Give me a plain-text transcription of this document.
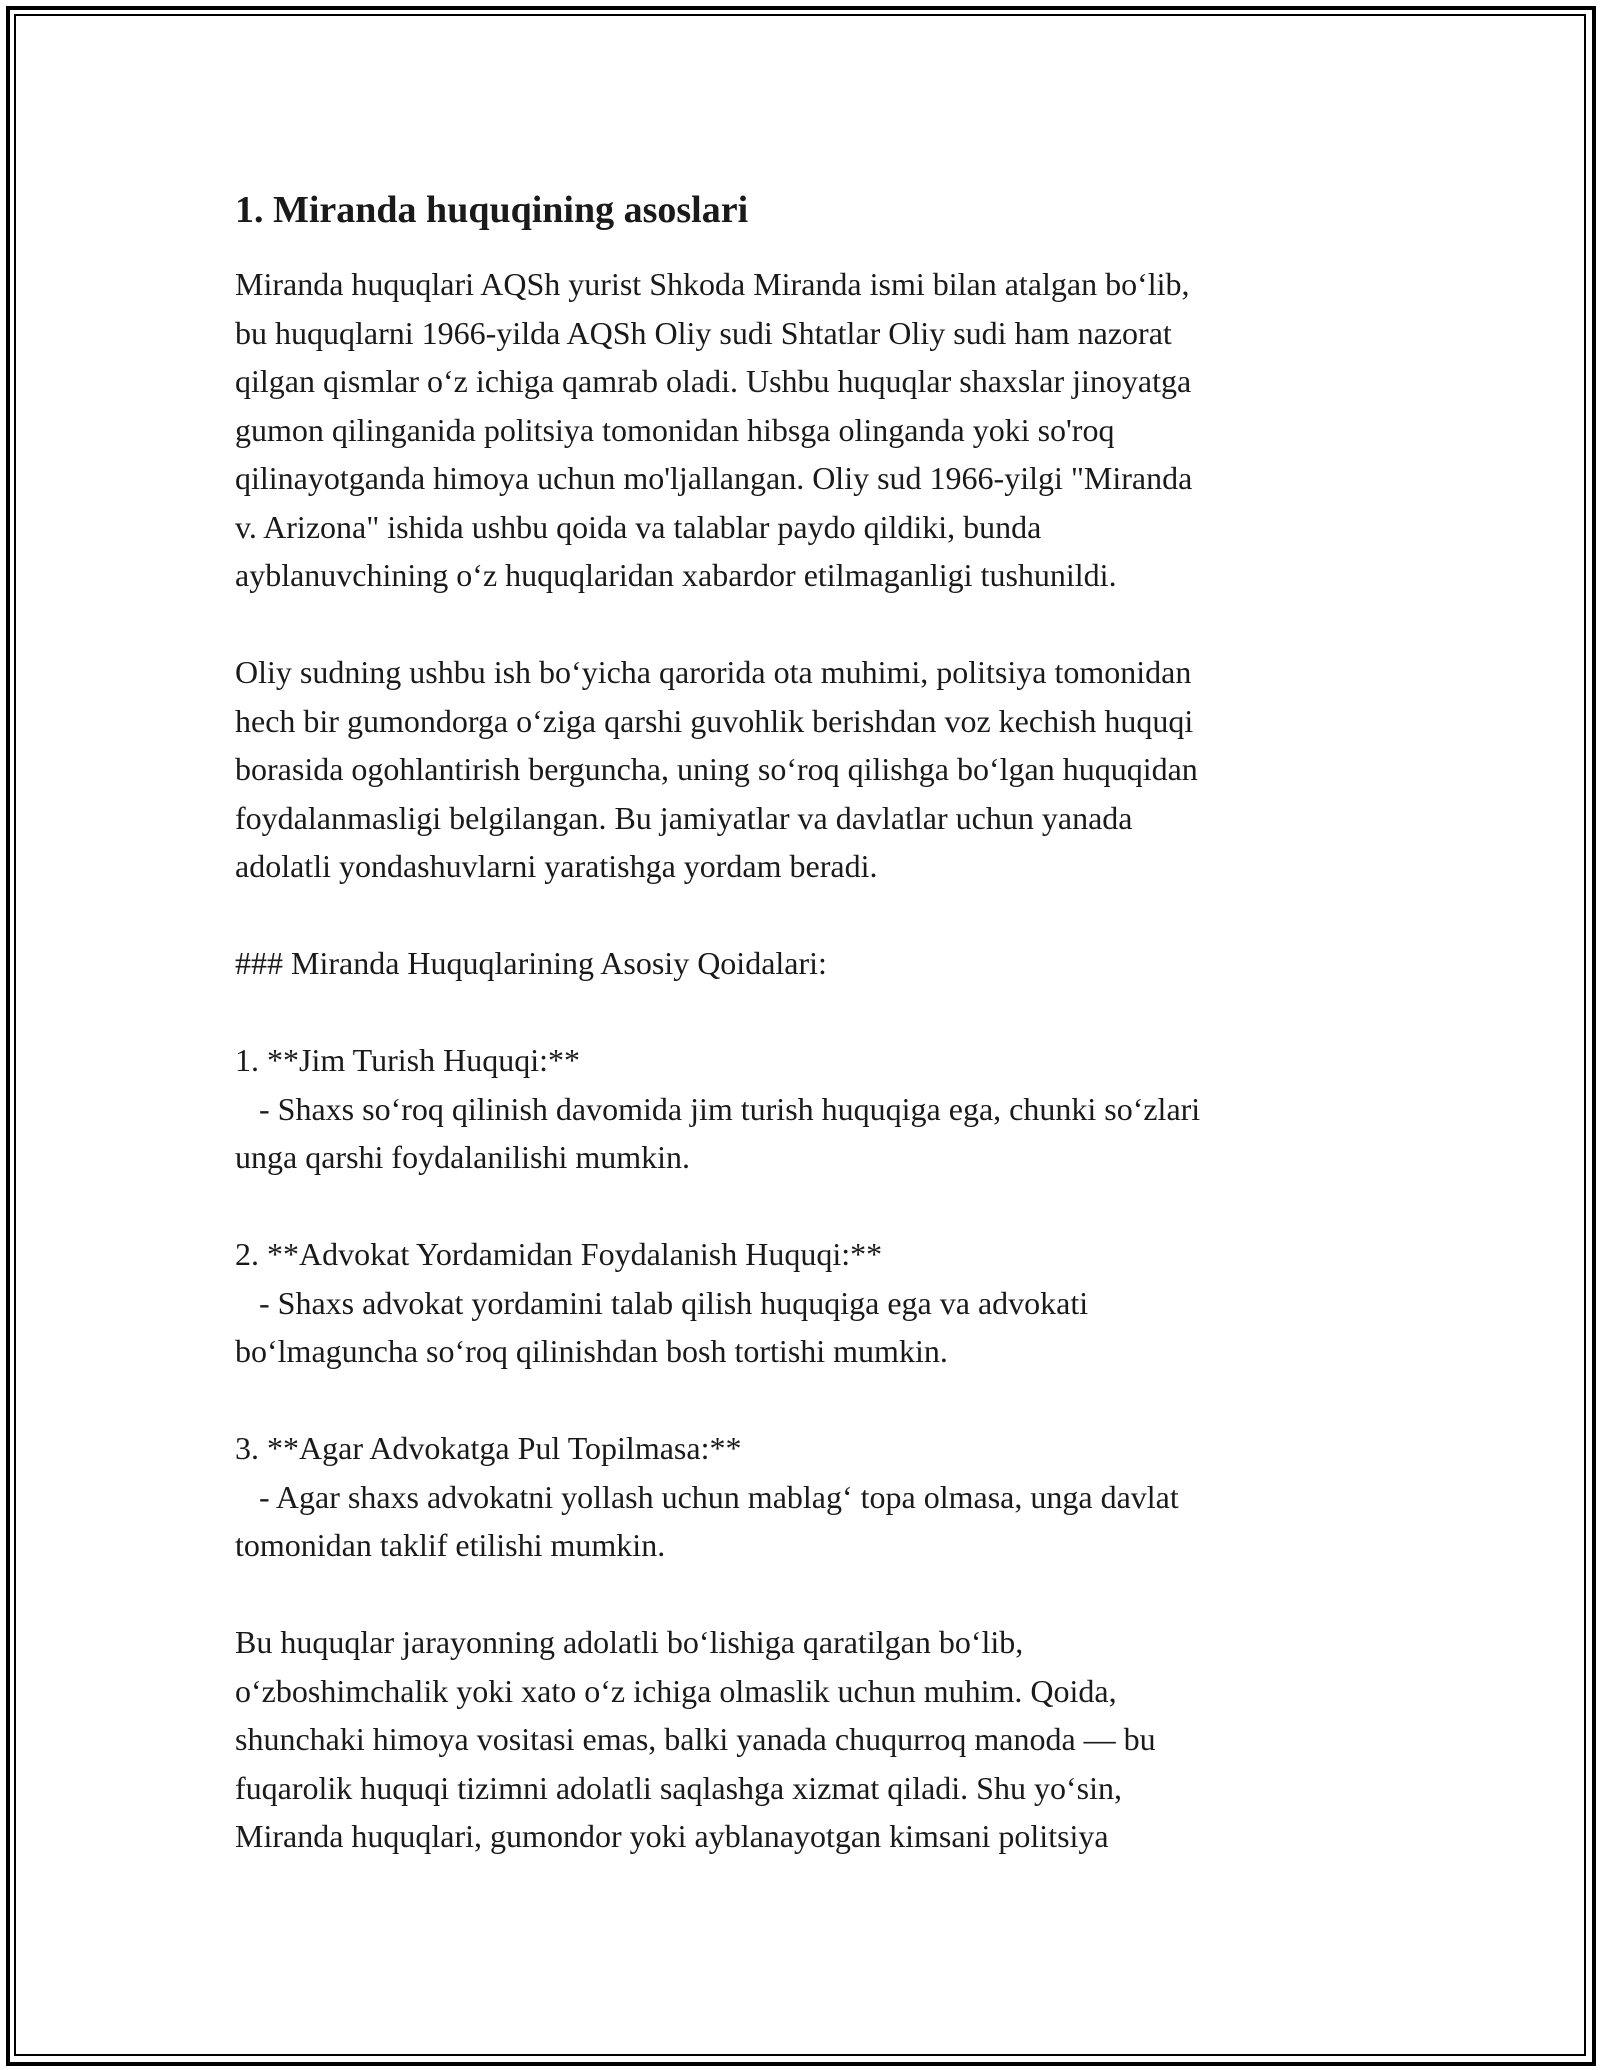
1. Miranda huquqining asoslari

Miranda huquqlari AQSh yurist Shkoda Miranda ismi bilan atalgan bo‘lib,
bu huquqlarni 1966-yilda AQSh Oliy sudi Shtatlar Oliy sudi ham nazorat
qilgan qismlar o‘z ichiga qamrab oladi. Ushbu huquqlar shaxslar jinoyatga
gumon qilinganida politsiya tomonidan hibsga olinganda yoki so'roq
qilinayotganda himoya uchun mo'ljallangan. Oliy sud 1966-yilgi "Miranda
v. Arizona" ishida ushbu qoida va talablar paydo qildiki, bunda
ayblanuvchining o‘z huquqlaridan xabardor etilmaganligi tushunildi.

Oliy sudning ushbu ish bo‘yicha qarorida ota muhimi, politsiya tomonidan
hech bir gumondorga o‘ziga qarshi guvohlik berishdan voz kechish huquqi
borasida ogohlantirish berguncha, uning so‘roq qilishga bo‘lgan huquqidan
foydalanmasligi belgilangan. Bu jamiyatlar va davlatlar uchun yanada
adolatli yondashuvlarni yaratishga yordam beradi.

### Miranda Huquqlarining Asosiy Qoidalari:

1. **Jim Turish Huquqi:**
- Shaxs so‘roq qilinish davomida jim turish huquqiga ega, chunki so‘zlari
unga qarshi foydalanilishi mumkin.

2. **Advokat Yordamidan Foydalanish Huquqi:**
- Shaxs advokat yordamini talab qilish huquqiga ega va advokati
bo‘lmaguncha so‘roq qilinishdan bosh tortishi mumkin.

3. **Agar Advokatga Pul Topilmasa:**
- Agar shaxs advokatni yollash uchun mablag‘ topa olmasa, unga davlat
tomonidan taklif etilishi mumkin.

Bu huquqlar jarayonning adolatli bo‘lishiga qaratilgan bo‘lib,
o‘zboshimchalik yoki xato o‘z ichiga olmaslik uchun muhim. Qoida,
shunchaki himoya vositasi emas, balki yanada chuqurroq manoda — bu
fuqarolik huquqi tizimni adolatli saqlashga xizmat qiladi. Shu yo‘sin,
Miranda huquqlari, gumondor yoki ayblanayotgan kimsani politsiya
